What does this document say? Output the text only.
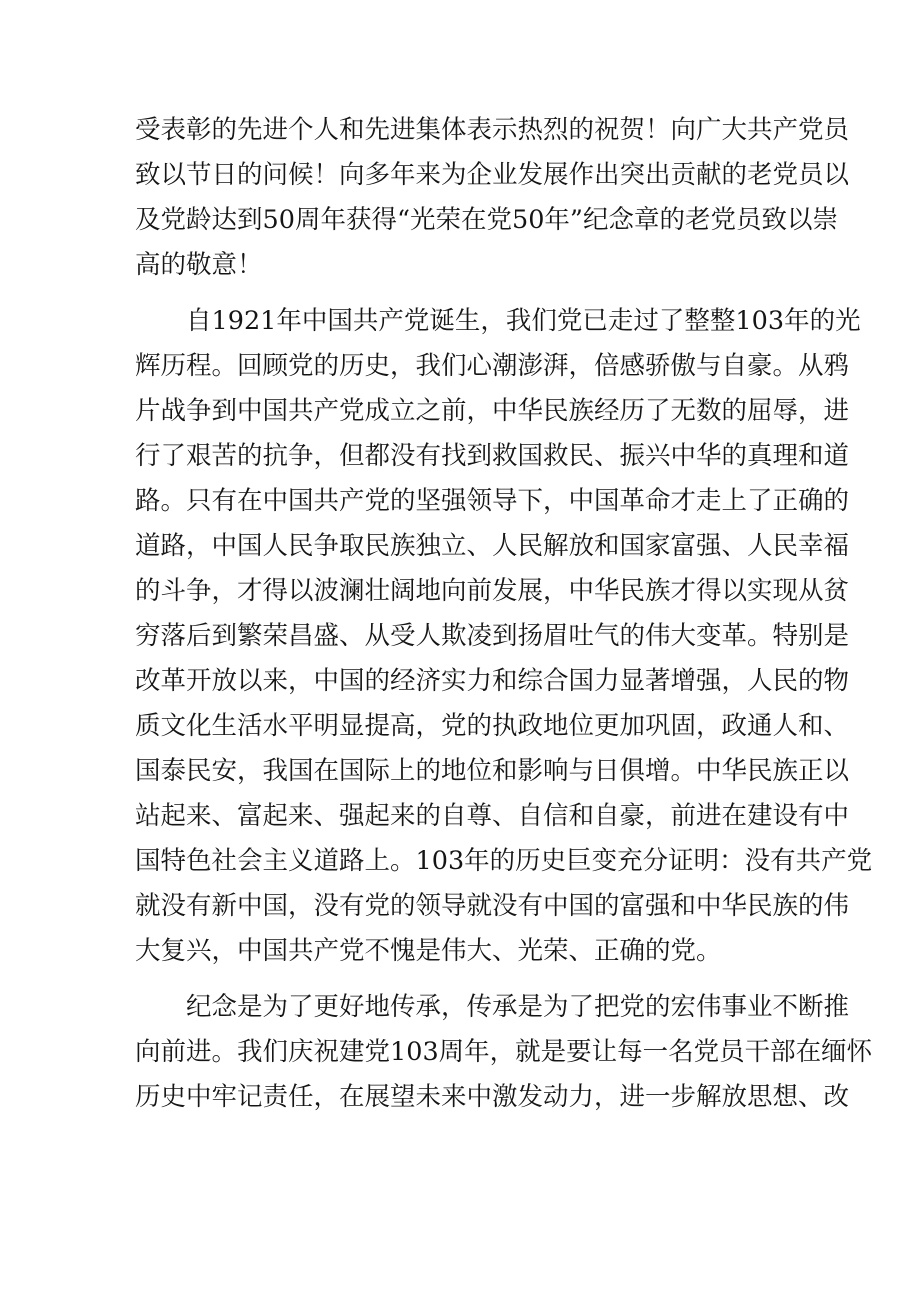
受表彰的先进个人和先进集体表示热烈的祝贺！向广大共产党员
致以节日的问候！向多年来为企业发展作出突出贡献的老党员以
及党龄达到50周年获得“光荣在党50年”纪念章的老党员致以崇
高的敬意！
　　自1921年中国共产党诞生，我们党已走过了整整103年的光
辉历程。回顾党的历史，我们心潮澎湃，倍感骄傲与自豪。从鸦
片战争到中国共产党成立之前，中华民族经历了无数的屈辱，进
行了艰苦的抗争，但都没有找到救国救民、振兴中华的真理和道
路。只有在中国共产党的坚强领导下，中国革命才走上了正确的
道路，中国人民争取民族独立、人民解放和国家富强、人民幸福
的斗争，才得以波澜壮阔地向前发展，中华民族才得以实现从贫
穷落后到繁荣昌盛、从受人欺凌到扬眉吐气的伟大变革。特别是
改革开放以来，中国的经济实力和综合国力显著增强，人民的物
质文化生活水平明显提高，党的执政地位更加巩固，政通人和、
国泰民安，我国在国际上的地位和影响与日俱增。中华民族正以
站起来、富起来、强起来的自尊、自信和自豪，前进在建设有中
国特色社会主义道路上。103年的历史巨变充分证明：没有共产党
就没有新中国，没有党的领导就没有中国的富强和中华民族的伟
大复兴，中国共产党不愧是伟大、光荣、正确的党。
　　纪念是为了更好地传承，传承是为了把党的宏伟事业不断推
向前进。我们庆祝建党103周年，就是要让每一名党员干部在缅怀
历史中牢记责任，在展望未来中激发动力，进一步解放思想、改
